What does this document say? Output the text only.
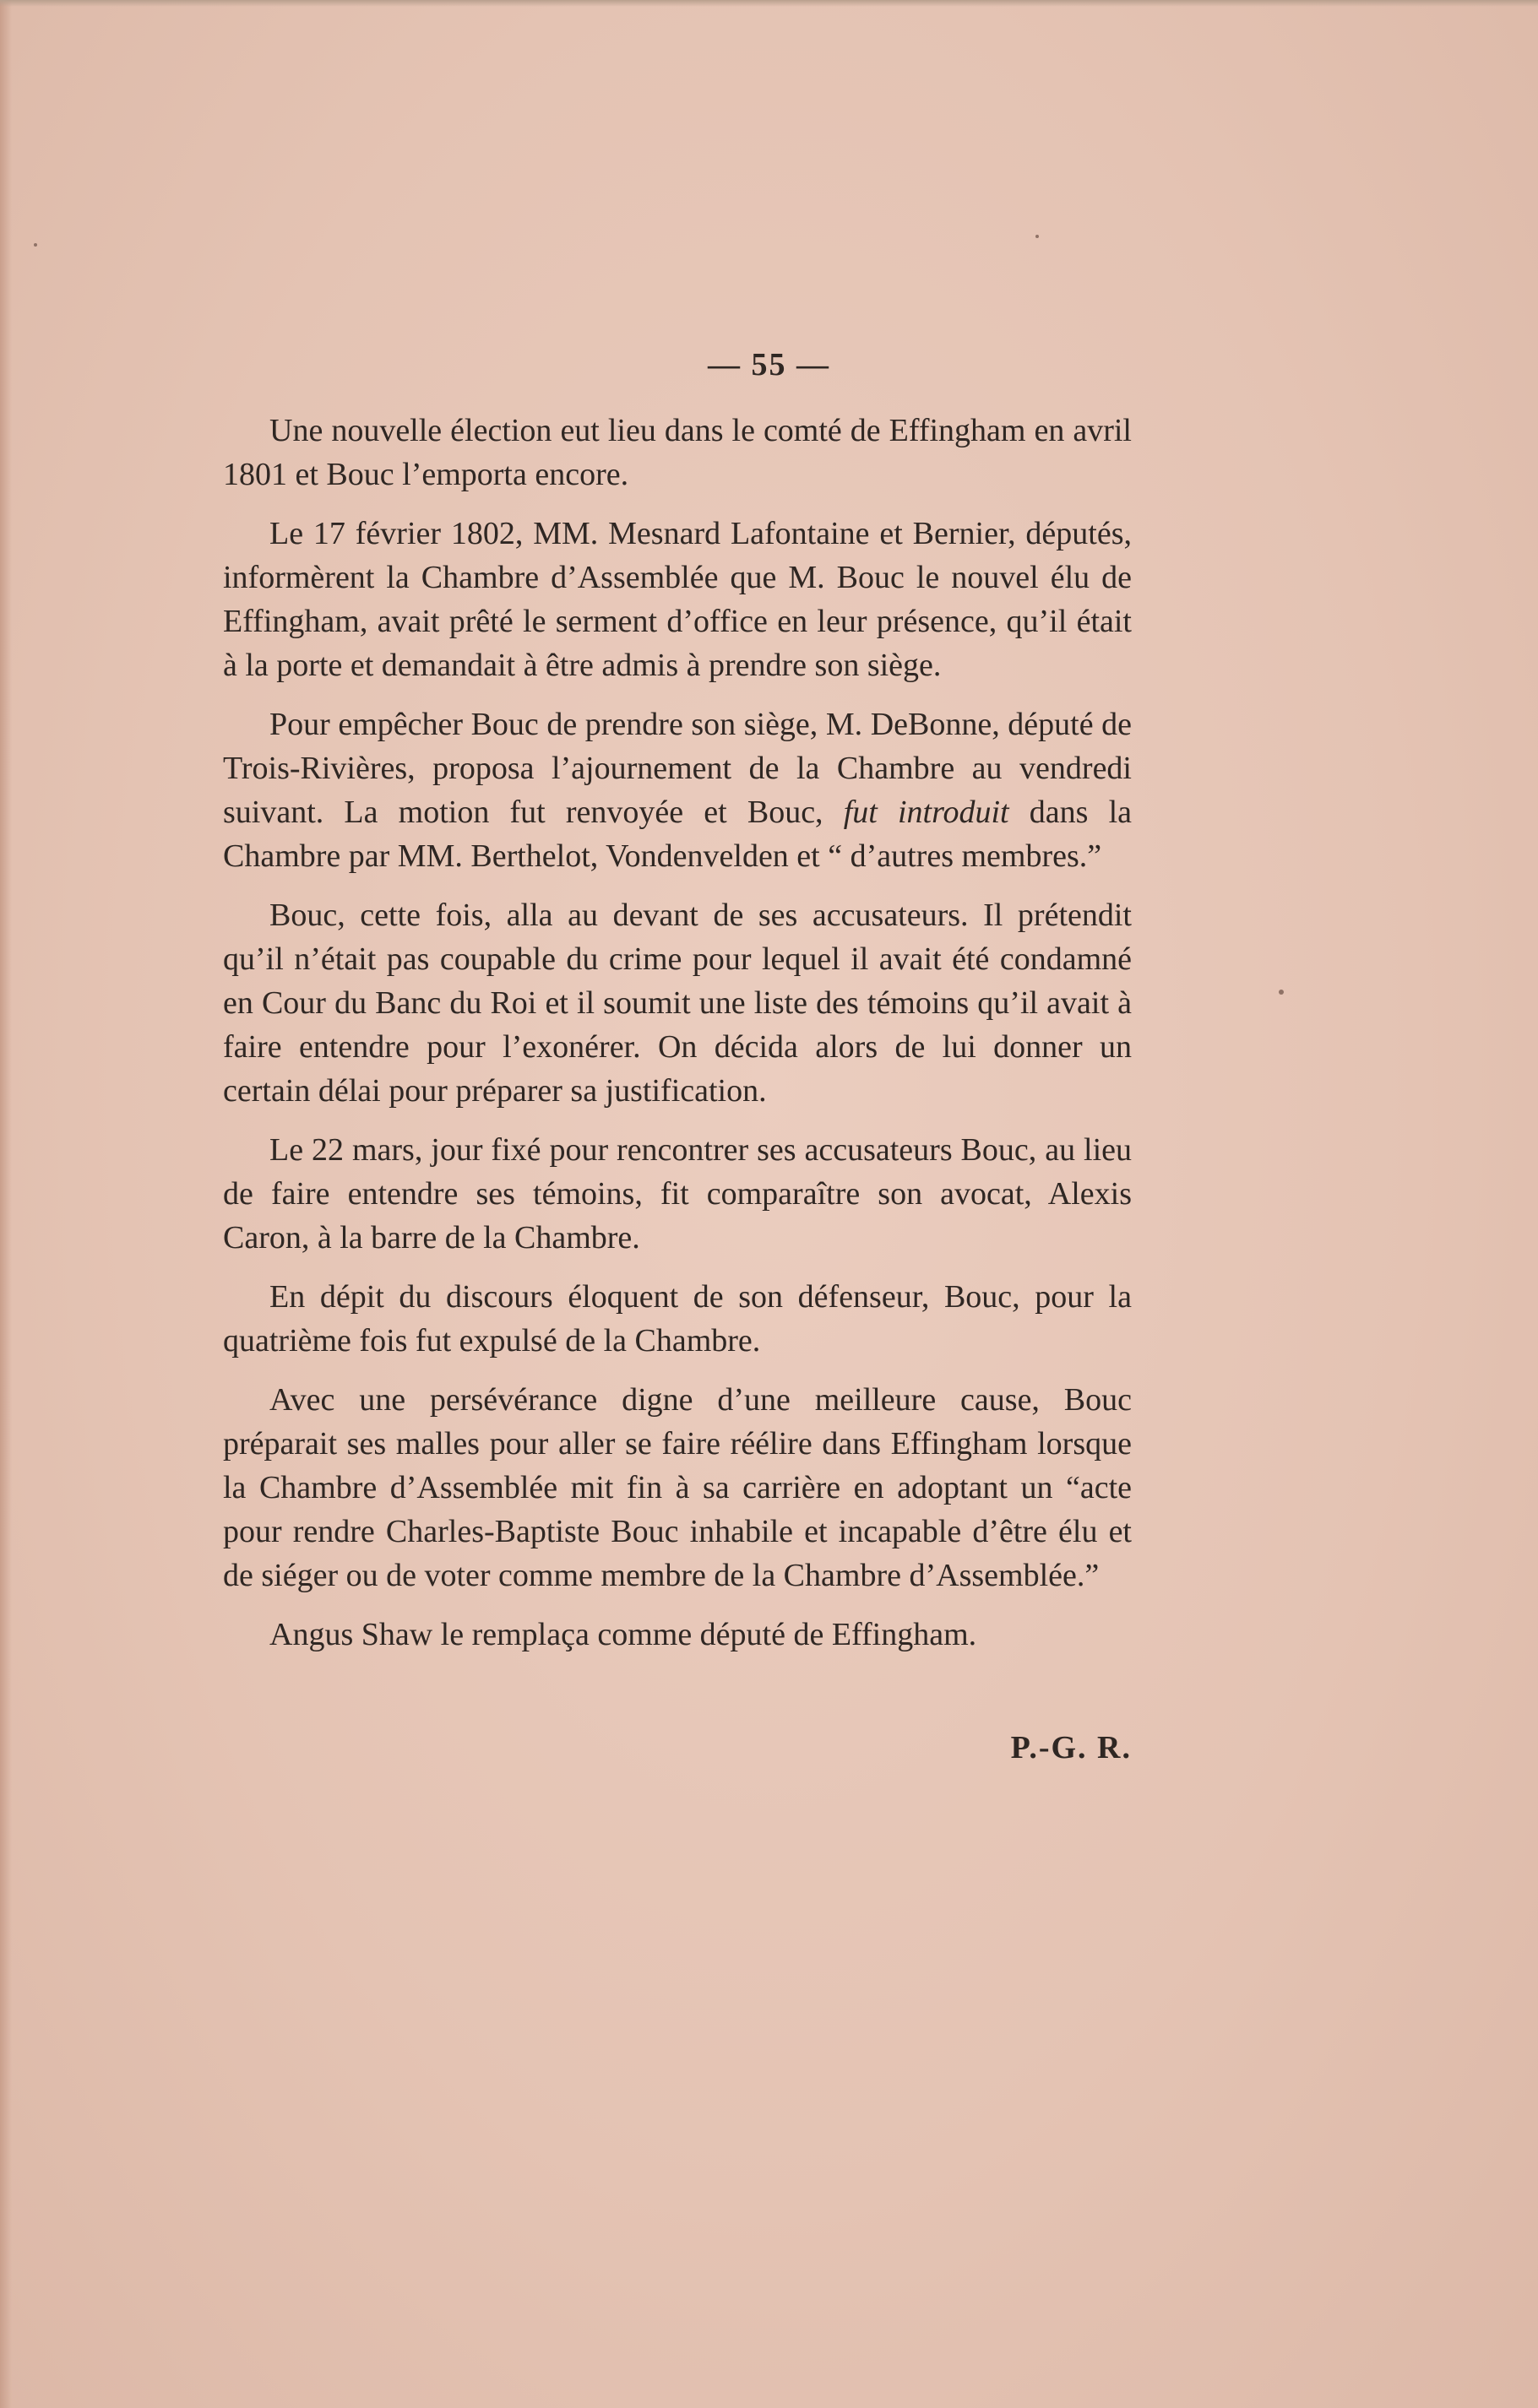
— 55 —

Une nouvelle élection eut lieu dans le comté de Effingham en avril 1801 et Bouc l’emporta encore.

Le 17 février 1802, MM. Mesnard Lafontaine et Bernier, députés, informèrent la Chambre d’Assemblée que M. Bouc le nouvel élu de Effingham, avait prêté le serment d’office en leur présence, qu’il était à la porte et demandait à être admis à prendre son siège.

Pour empêcher Bouc de prendre son siège, M. DeBonne, député de Trois-Rivières, proposa l’ajournement de la Chambre au vendredi suivant. La motion fut renvoyée et Bouc, fut introduit dans la Chambre par MM. Berthelot, Vondenvelden et “ d’autres membres.”

Bouc, cette fois, alla au devant de ses accusateurs. Il prétendit qu’il n’était pas coupable du crime pour lequel il avait été condamné en Cour du Banc du Roi et il soumit une liste des témoins qu’il avait à faire entendre pour l’exonérer. On décida alors de lui donner un certain délai pour préparer sa justification.

Le 22 mars, jour fixé pour rencontrer ses accusateurs Bouc, au lieu de faire entendre ses témoins, fit comparaître son avocat, Alexis Caron, à la barre de la Chambre.

En dépit du discours éloquent de son défenseur, Bouc, pour la quatrième fois fut expulsé de la Chambre.

Avec une persévérance digne d’une meilleure cause, Bouc préparait ses malles pour aller se faire réélire dans Effingham lorsque la Chambre d’Assemblée mit fin à sa carrière en adoptant un “acte pour rendre Charles-Baptiste Bouc inhabile et incapable d’être élu et de siéger ou de voter comme membre de la Chambre d’Assemblée.”

Angus Shaw le remplaça comme député de Effingham.

P.-G. R.
